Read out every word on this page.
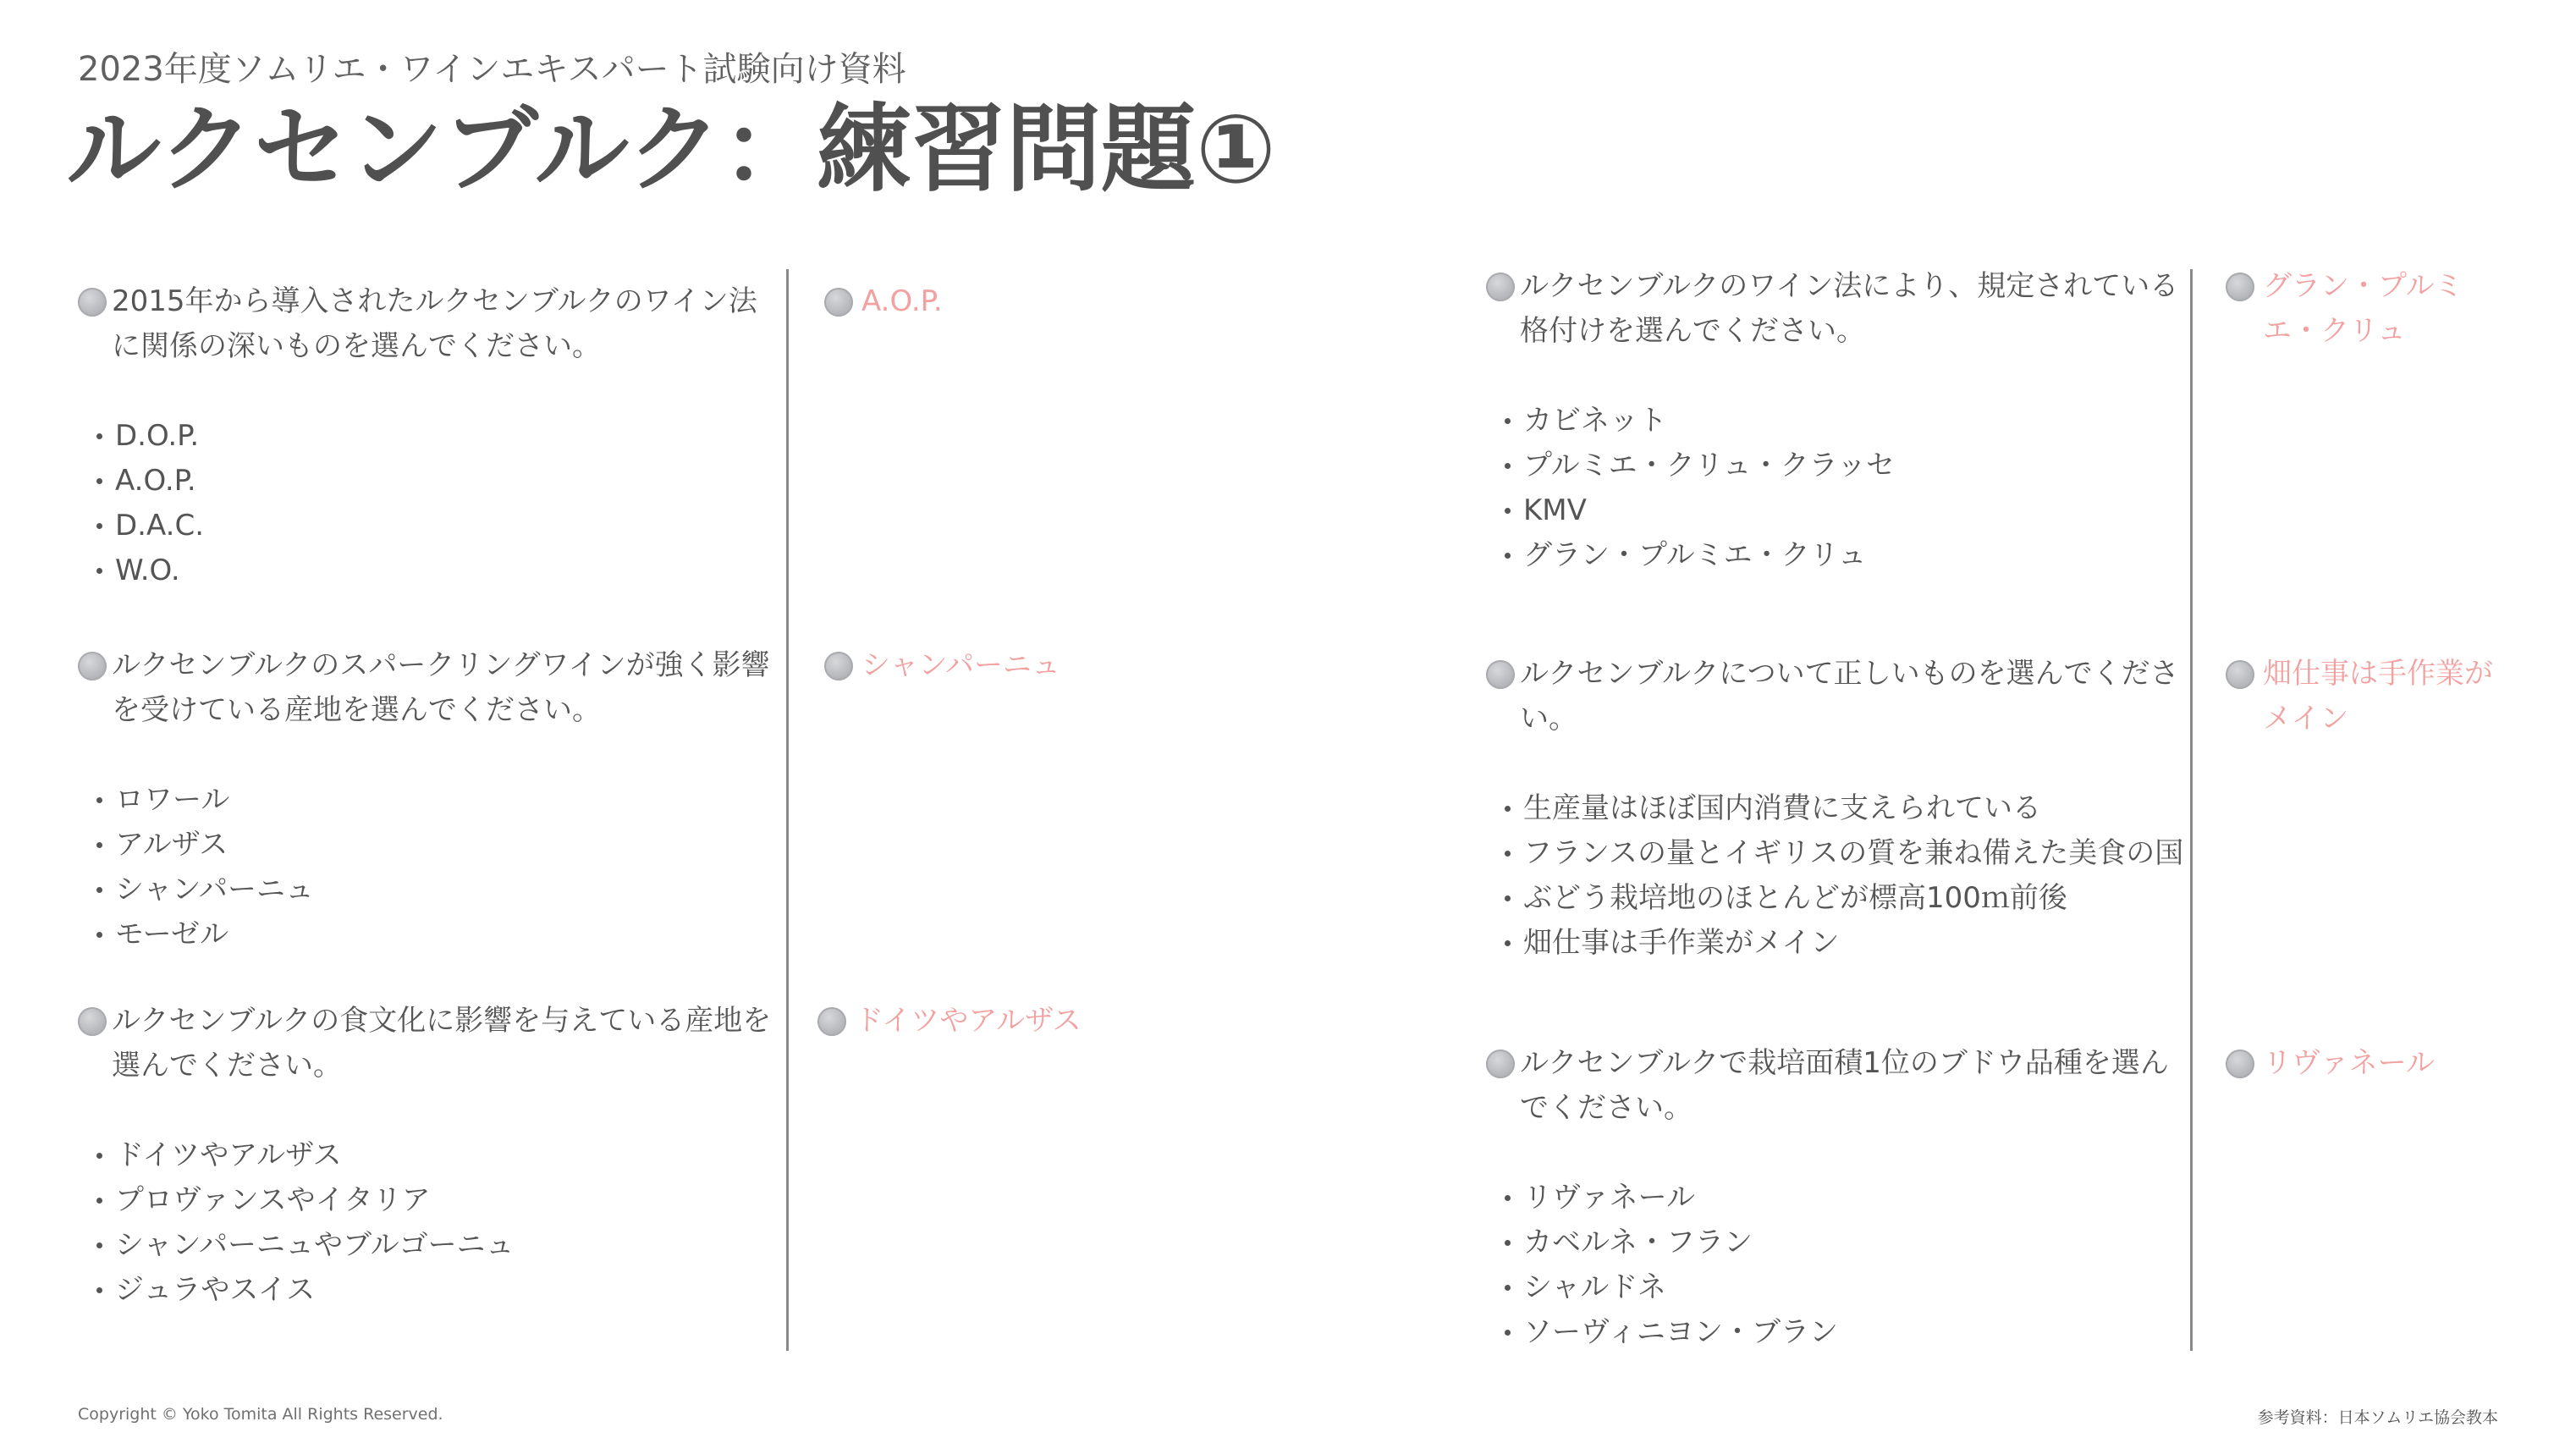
2023年度ソムリエ・ワインエキスパート試験向け資料
ルクセンブルク：練習問題①
2015年から導入されたルクセンブルクのワイン法に関係の深いものを選んでください。
D.O.P.
A.O.P.
D.A.C.
W.O.
A.O.P.
ルクセンブルクのスパークリングワインが強く影響を受けている産地を選んでください。
ロワール
アルザス
シャンパーニュ
モーゼル
シャンパーニュ
ルクセンブルクの食文化に影響を与えている産地を選んでください。
ドイツやアルザス
プロヴァンスやイタリア
シャンパーニュやブルゴーニュ
ジュラやスイス
ドイツやアルザス
ルクセンブルクのワイン法により、規定されている格付けを選んでください。
カビネット
プルミエ・クリュ・クラッセ
KMV
グラン・プルミエ・クリュ
グラン・プルミエ・クリュ
ルクセンブルクについて正しいものを選んでください。
生産量はほぼ国内消費に支えられている
フランスの量とイギリスの質を兼ね備えた美食の国
ぶどう栽培地のほとんどが標高100ｍ前後
畑仕事は手作業がメイン
畑仕事は手作業がメイン
ルクセンブルクで栽培面積1位のブドウ品種を選んでください。
リヴァネール
カベルネ・フラン
シャルドネ
ソーヴィニヨン・ブラン
リヴァネール
Copyright © Yoko Tomita All Rights Reserved.	参考資料：日本ソムリエ協会教本
